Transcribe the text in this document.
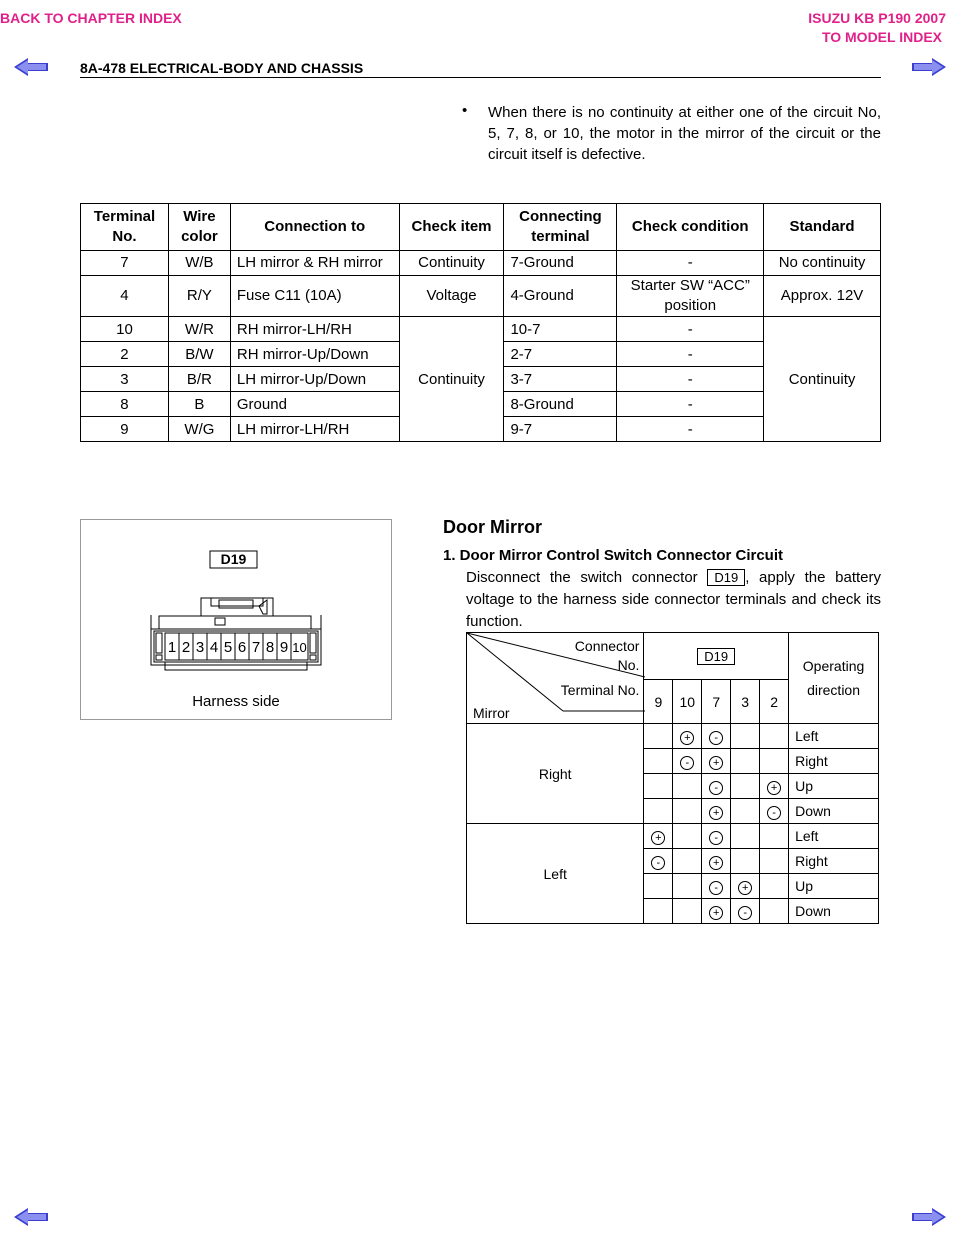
BACK TO CHAPTER INDEX	ISUZU KB P190 2007
TO MODEL INDEX
8A-478 ELECTRICAL-BODY AND CHASSIS
• When there is no continuity at either one of the circuit No, 5, 7, 8, or 10, the motor in the mirror of the circuit or the circuit itself is defective.
Terminal No.	Wire color	Connection to	Check item	Connecting terminal	Check condition	Standard
7	W/B	LH mirror & RH mirror	Continuity	7-Ground	-	No continuity
4	R/Y	Fuse C11 (10A)	Voltage	4-Ground	Starter SW “ACC” position	Approx. 12V
10	W/R	RH mirror-LH/RH	Continuity	10-7	-	Continuity
2	B/W	RH mirror-Up/Down		2-7	-	
3	B/R	LH mirror-Up/Down		3-7	-	
8	B	Ground		8-Ground	-	
9	W/G	LH mirror-LH/RH		9-7	-	
D19
1 2 3 4 5 6 7 8 9 10
Harness side
Door Mirror
1. Door Mirror Control Switch Connector Circuit
Disconnect the switch connector D19 , apply the battery voltage to the harness side connector terminals and check its function.
Connector No.
Terminal No.
Mirror	D19					Operating direction
	9	10	7	3	2	
Right		+	-			Left
		-	+			Right
			-		+	Up
			+		-	Down
Left	+		-			Left
	-		+			Right
			-	+		Up
			+	-		Down
